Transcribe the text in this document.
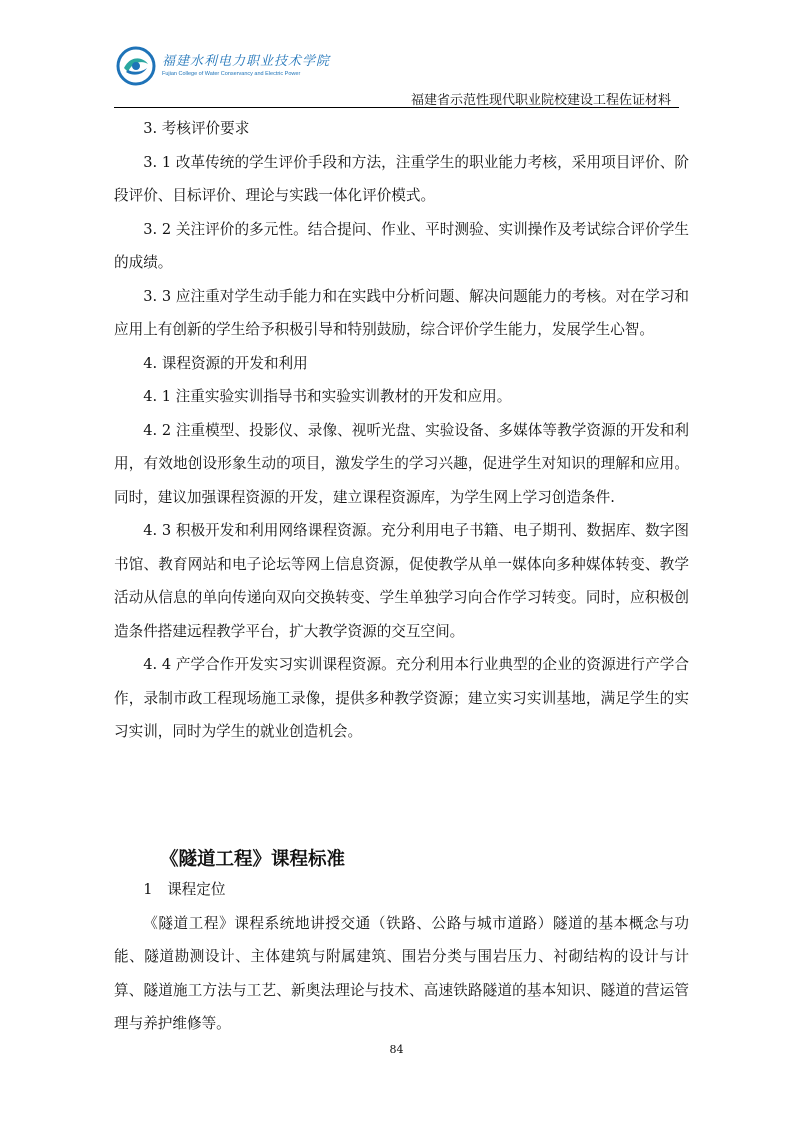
福建水利电力职业技术学院
Fujian College of Water Conservancy and Electric Power
福建省示范性现代职业院校建设工程佐证材料

3. 考核评价要求

3. 1 改革传统的学生评价手段和方法，注重学生的职业能力考核，采用项目评价、阶段评价、目标评价、理论与实践一体化评价模式。

3. 2 关注评价的多元性。结合提问、作业、平时测验、实训操作及考试综合评价学生的成绩。

3. 3 应注重对学生动手能力和在实践中分析问题、解决问题能力的考核。对在学习和应用上有创新的学生给予积极引导和特别鼓励，综合评价学生能力，发展学生心智。

4. 课程资源的开发和利用

4. 1 注重实验实训指导书和实验实训教材的开发和应用。

4. 2 注重模型、投影仪、录像、视听光盘、实验设备、多媒体等教学资源的开发和利用，有效地创设形象生动的项目，激发学生的学习兴趣，促进学生对知识的理解和应用。同时，建议加强课程资源的开发，建立课程资源库，为学生网上学习创造条件.

4. 3 积极开发和利用网络课程资源。充分利用电子书籍、电子期刊、数据库、数字图书馆、教育网站和电子论坛等网上信息资源，促使教学从单一媒体向多种媒体转变、教学活动从信息的单向传递向双向交换转变、学生单独学习向合作学习转变。同时，应积极创造条件搭建远程教学平台，扩大教学资源的交互空间。

4. 4 产学合作开发实习实训课程资源。充分利用本行业典型的企业的资源进行产学合作，录制市政工程现场施工录像，提供多种教学资源；建立实习实训基地，满足学生的实习实训，同时为学生的就业创造机会。

《隧道工程》课程标准

1　课程定位

《隧道工程》课程系统地讲授交通（铁路、公路与城市道路）隧道的基本概念与功能、隧道勘测设计、主体建筑与附属建筑、围岩分类与围岩压力、衬砌结构的设计与计算、隧道施工方法与工艺、新奥法理论与技术、高速铁路隧道的基本知识、隧道的营运管理与养护维修等。

84
